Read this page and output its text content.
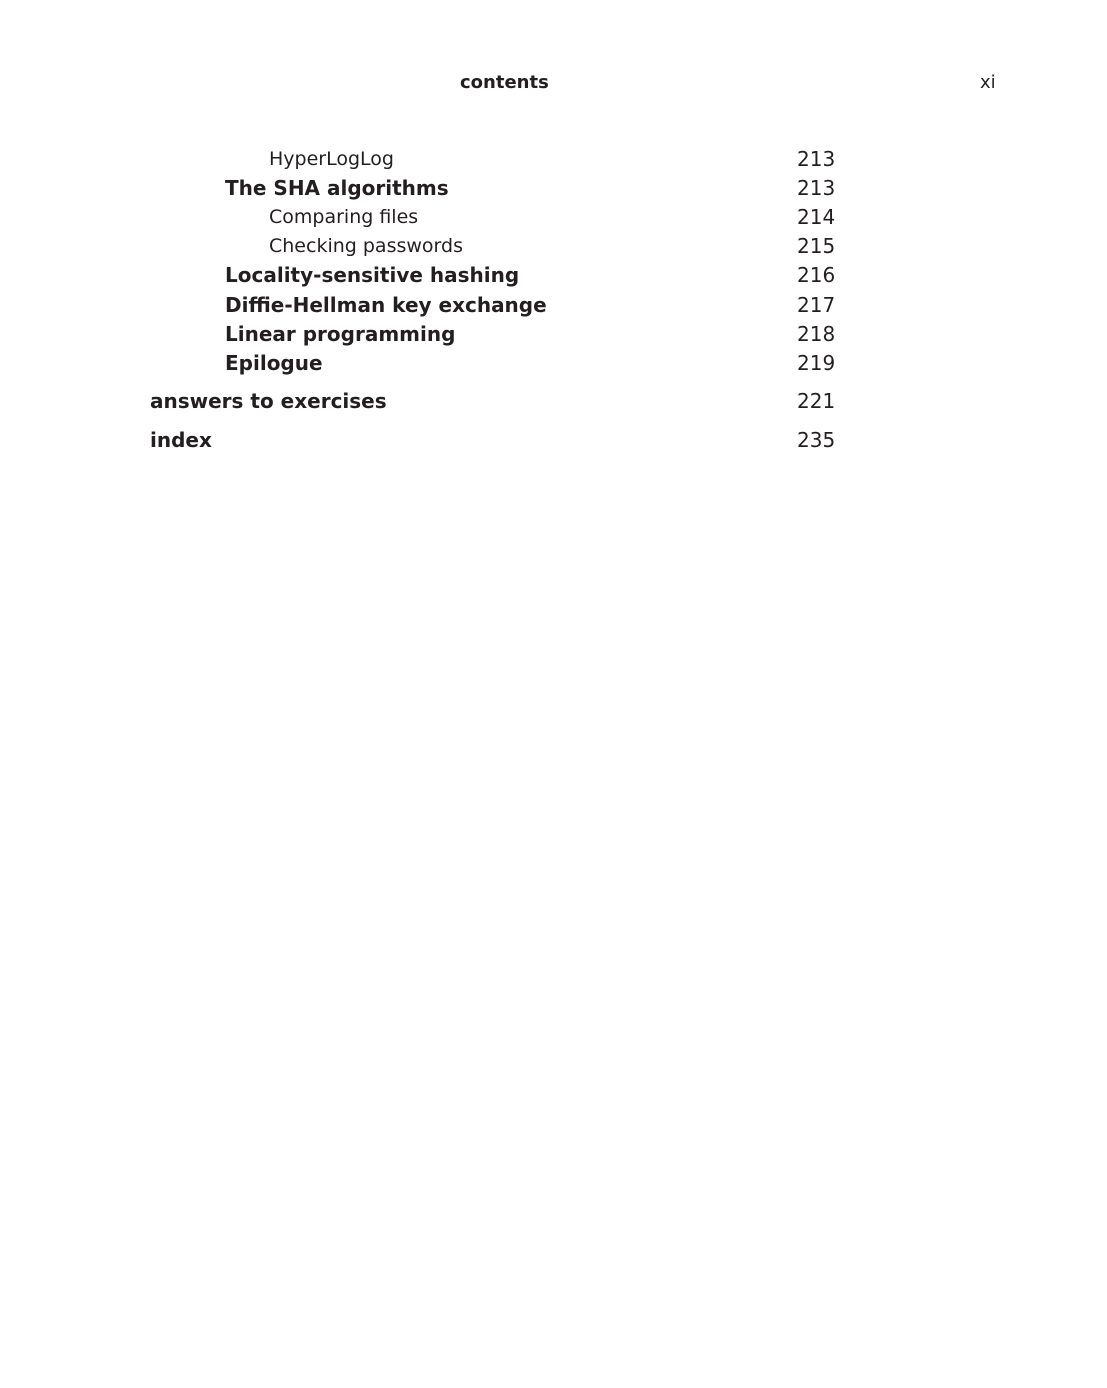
contents	xi
HyperLogLog	213
The SHA algorithms	213
Comparing files	214
Checking passwords	215
Locality-sensitive hashing	216
Diffie-Hellman key exchange	217
Linear programming	218
Epilogue	219
answers to exercises	221
index	235
